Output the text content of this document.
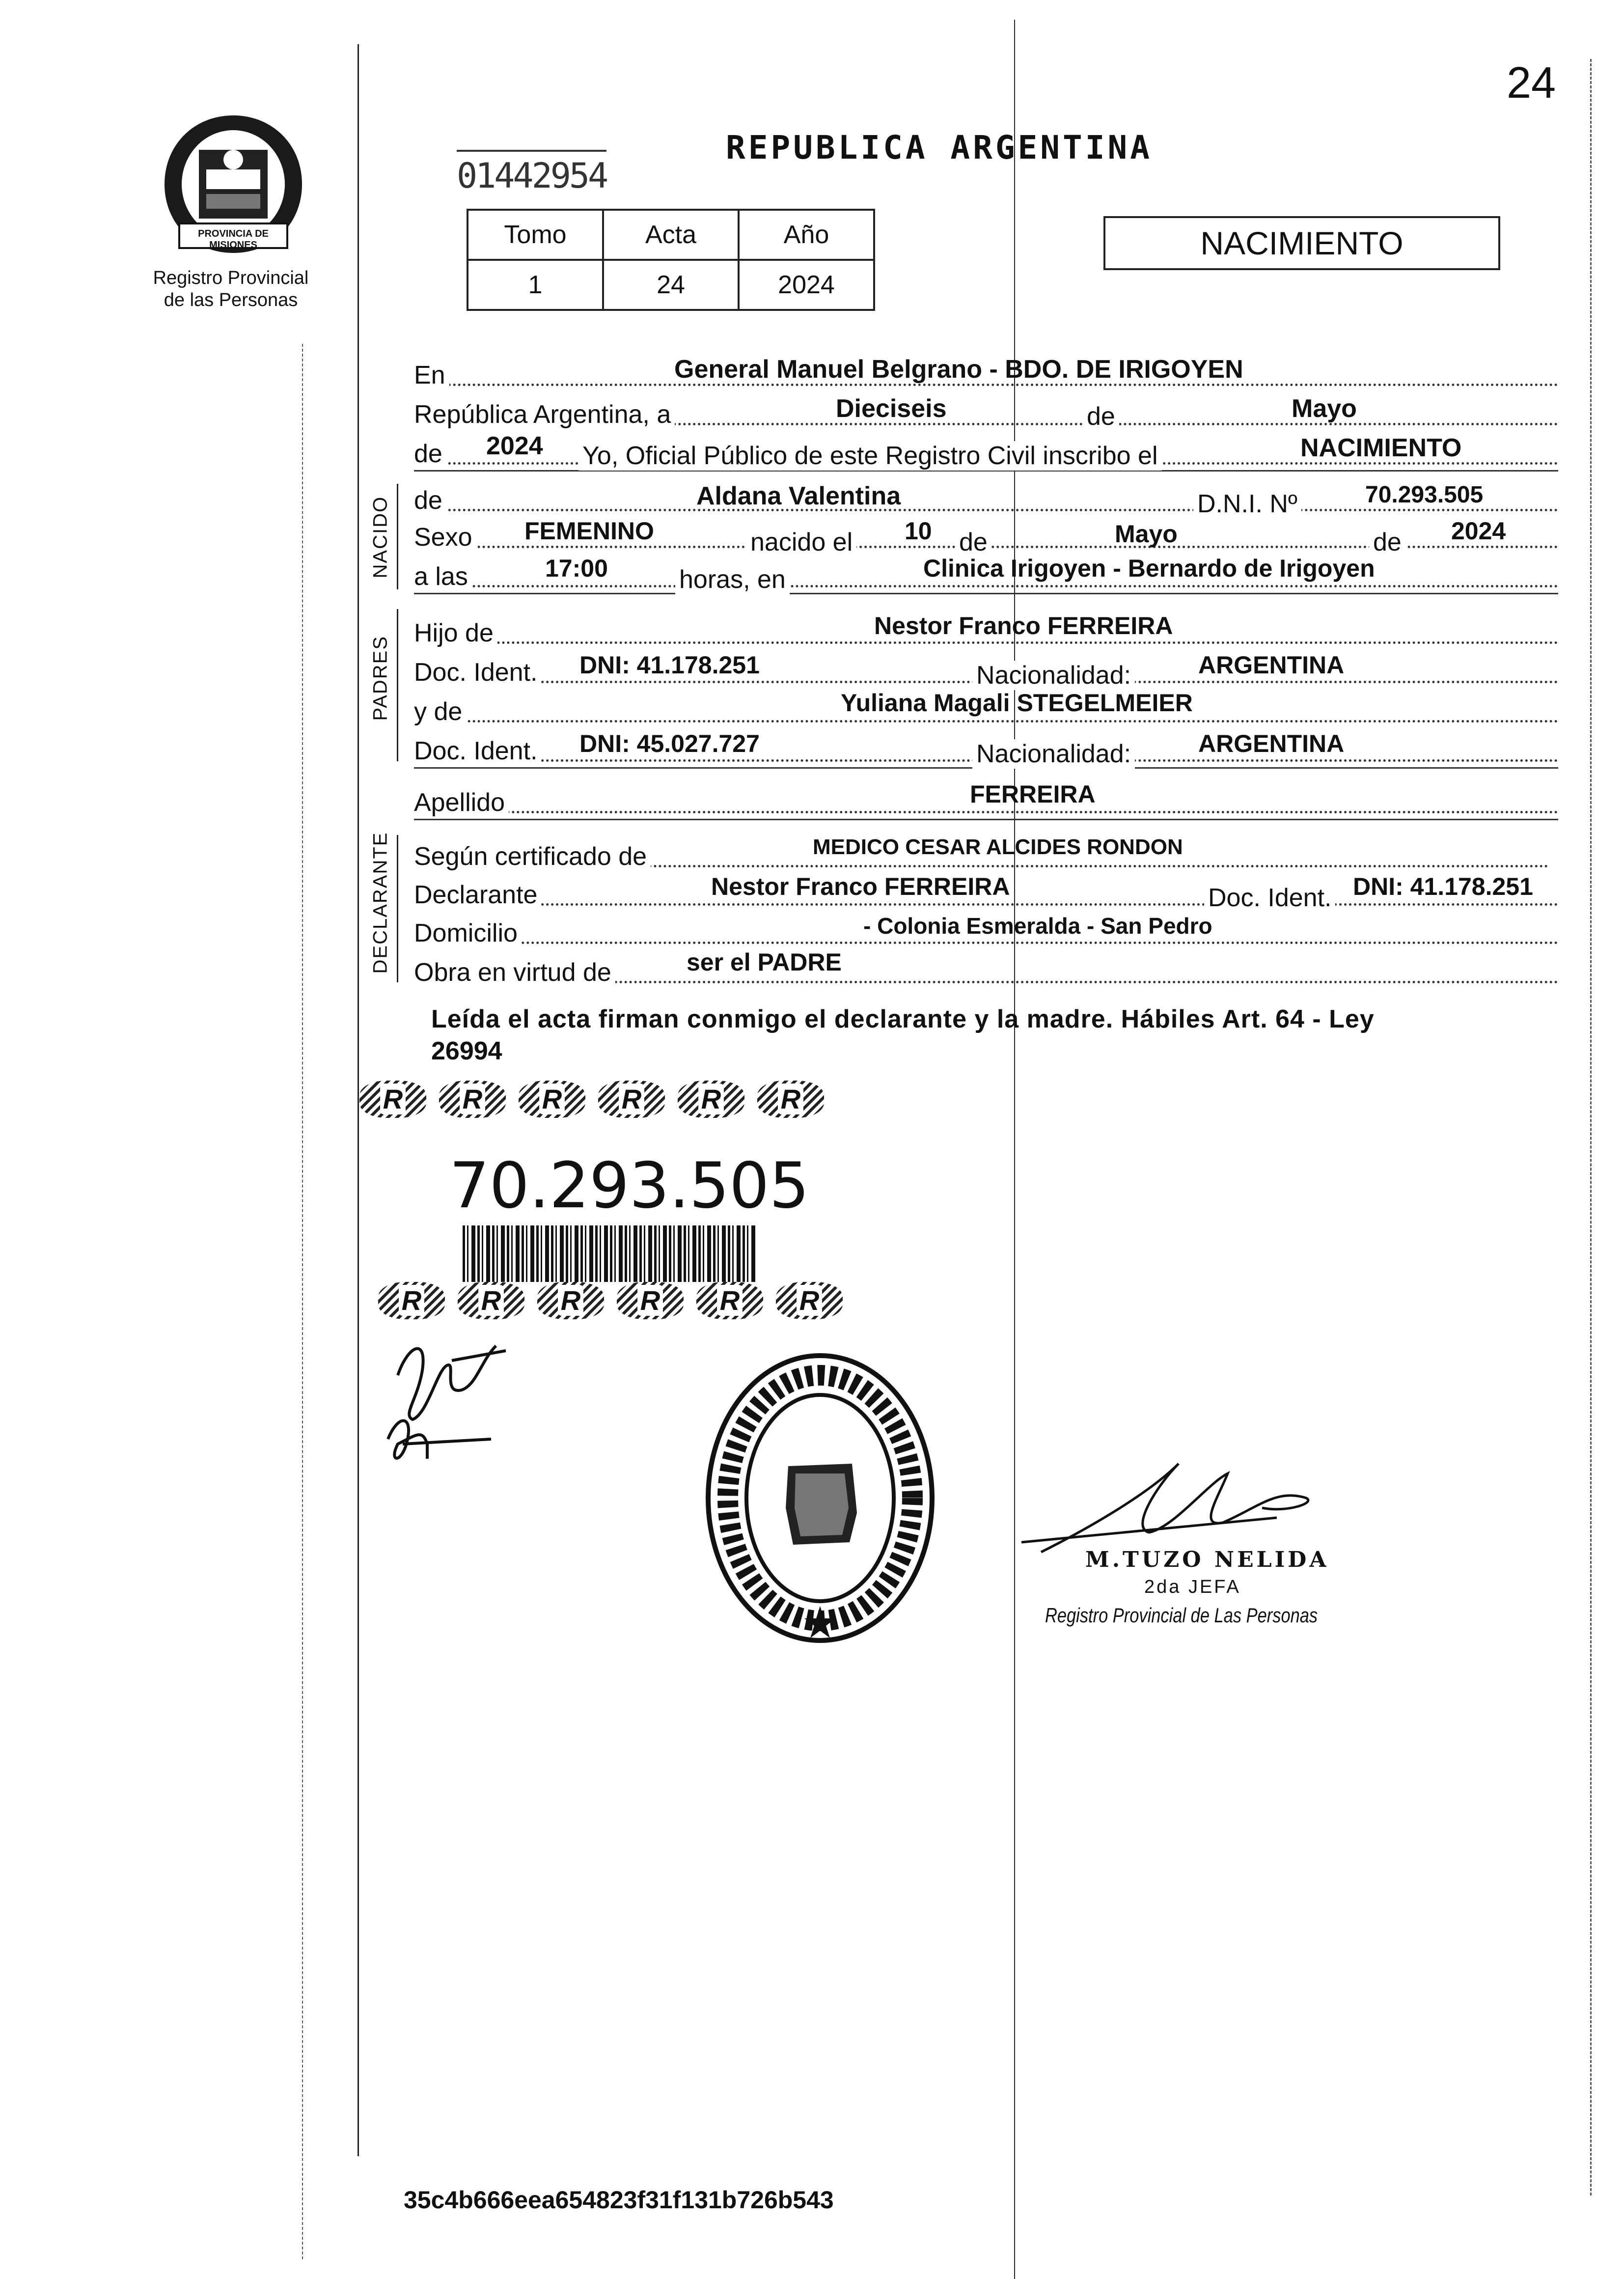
24
PROVINCIA DE MISIONES
Registro Provincial
de las Personas
01442954
REPUBLICA ARGENTINA
Tomo	Acta	Año
1	24	2024
NACIMIENTO
En	General Manuel Belgrano - BDO. DE IRIGOYEN
República Argentina, a	Dieciseis	de	Mayo
de 2024 Yo, Oficial Público de este Registro Civil inscribo el	NACIMIENTO
NACIDO de	Aldana Valentina	D.N.I. Nº	70.293.505
Sexo FEMENINO	nacido el 10 de	Mayo	de 2024
a las	17:00	horas, en	Clinica Irigoyen - Bernardo de Irigoyen
PADRES
Hijo de	Nestor Franco FERREIRA
Doc. Ident. DNI: 41.178.251	Nacionalidad:	ARGENTINA
y de	Yuliana Magali STEGELMEIER
Doc. Ident. DNI: 45.027.727	Nacionalidad:	ARGENTINA
Apellido	FERREIRA
DECLARANTE Según certificado de	MEDICO CESAR ALCIDES RONDON
Declarante	Nestor Franco FERREIRA	Doc. Ident. DNI: 41.178.251
Domicilio	- Colonia Esmeralda - San Pedro
Obra en virtud de	ser el PADRE
Leída el acta firman conmigo el declarante y la madre. Hábiles Art. 64 - Ley
26994
R	R	R	R	R	R
70.293.505
R	R	R	R	R	R
M.TUZO NELIDA
2da JEFA
Registro Provincial de Las Personas
35c4b666eea654823f31f131b726b543
